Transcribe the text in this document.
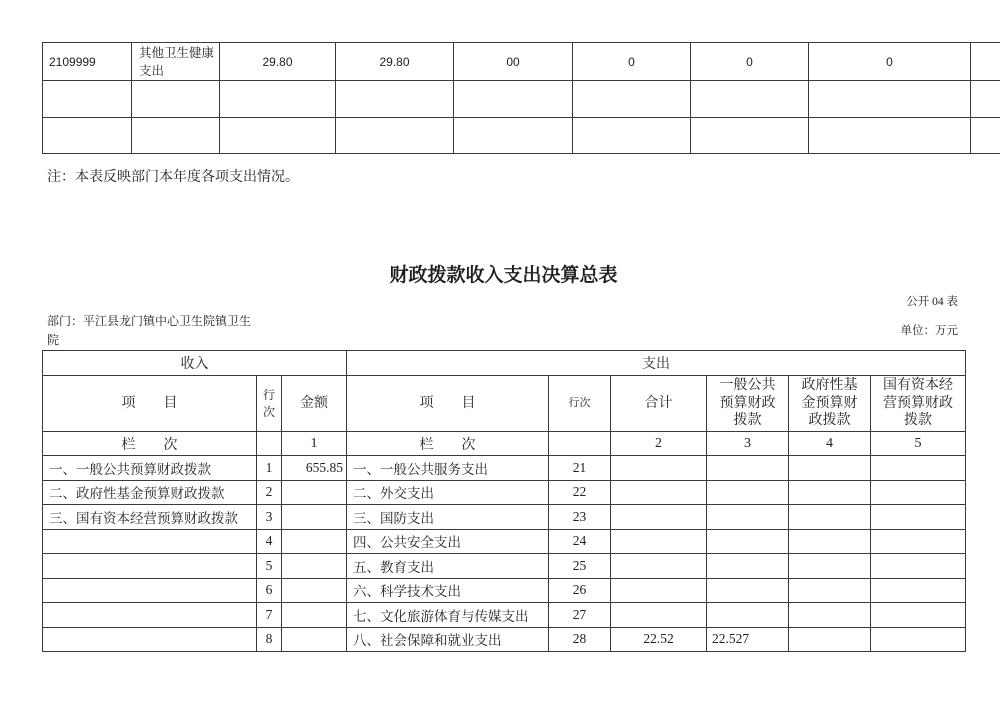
2109999	其他卫生健康支出	29.80	29.80	00	0	0	0	

注：本表反映部门本年度各项支出情况。
财政拨款收入支出决算总表
公开 04 表
部门：平江县龙门镇中心卫生院镇卫生院
单位：万元
收入			支出					
项　　目	行次	金额	项　　目	行次	合计	一般公共预算财政拨款	政府性基金预算财政拨款	国有资本经营预算财政拨款
栏　　次		1	栏　　次		2	3	4	5
一、一般公共预算财政拨款	1	655.85	一、一般公共服务支出	21				
二、政府性基金预算财政拨款	2		二、外交支出	22				
三、国有资本经营预算财政拨款	3		三、国防支出	23				
	4		四、公共安全支出	24				
	5		五、教育支出	25				
	6		六、科学技术支出	26				
	7		七、文化旅游体育与传媒支出	27				
	8		八、社会保障和就业支出	28	22.52	22.527		
